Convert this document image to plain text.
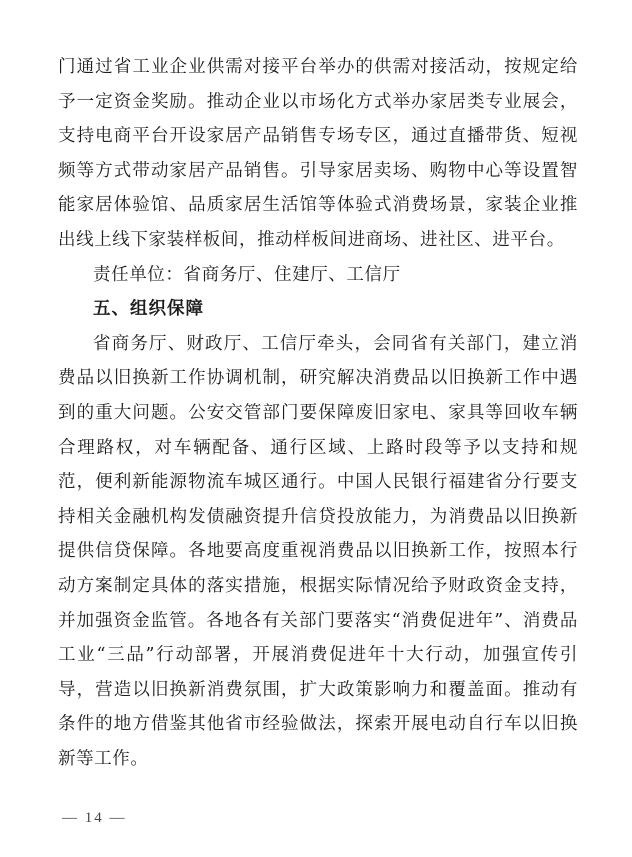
门通过省工业企业供需对接平台举办的供需对接活动，按规定给予一定资金奖励。推动企业以市场化方式举办家居类专业展会，支持电商平台开设家居产品销售专场专区，通过直播带货、短视频等方式带动家居产品销售。引导家居卖场、购物中心等设置智能家居体验馆、品质家居生活馆等体验式消费场景，家装企业推出线上线下家装样板间，推动样板间进商场、进社区、进平台。

责任单位：省商务厅、住建厅、工信厅

五、组织保障

省商务厅、财政厅、工信厅牵头，会同省有关部门，建立消费品以旧换新工作协调机制，研究解决消费品以旧换新工作中遇到的重大问题。公安交管部门要保障废旧家电、家具等回收车辆合理路权，对车辆配备、通行区域、上路时段等予以支持和规范，便利新能源物流车城区通行。中国人民银行福建省分行要支持相关金融机构发债融资提升信贷投放能力，为消费品以旧换新提供信贷保障。各地要高度重视消费品以旧换新工作，按照本行动方案制定具体的落实措施，根据实际情况给予财政资金支持，并加强资金监管。各地各有关部门要落实“消费促进年”、消费品工业“三品”行动部署，开展消费促进年十大行动，加强宣传引导，营造以旧换新消费氛围，扩大政策影响力和覆盖面。推动有条件的地方借鉴其他省市经验做法，探索开展电动自行车以旧换新等工作。

— 14 —
